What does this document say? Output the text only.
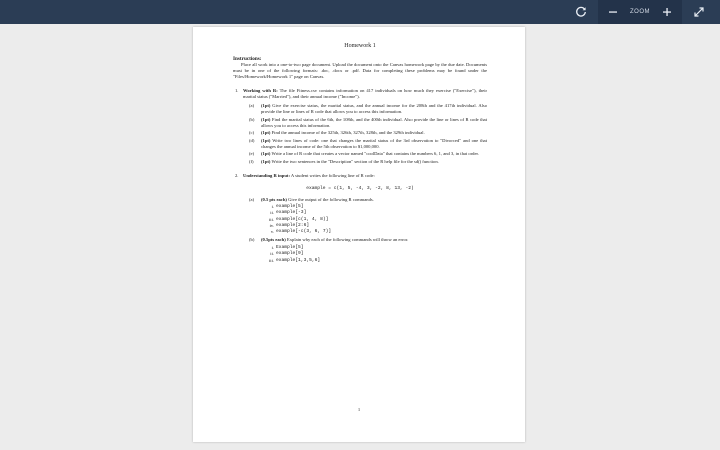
ZOOM
Homework 1
Instructions:
Place all work into a one-to-two page document. Upload the document onto the Canvas homework page by the due date. Documents must be in one of the following formats: .doc, .docx or .pdf. Data for completing these problems may be found under the "Files/Homework/Homework 1" page on Canvas.
1. Working with R: The file Fitness.csv contains information on 417 individuals on how much they exercise ("Exercise"), their marital status ("Married"), and their annual income ("Income").
(a)	(1pt) Give the exercise status, the marital status, and the annual income for the 208th and the 417th individual. Also provide the line or lines of R code that allows you to access this information.
(b)	(1pt) Find the marital status of the 6th, the 108th, and the 400th individual. Also provide the line or lines of R code that allows you to access this information.
(c)	(1pt) Find the annual income of the 325th, 326th, 327th, 328th, and the 329th individual.
(d)	(1pt) Write two lines of code: one that changes the marital status of the 3rd observation to "Divorced" and one that changes the annual income of the 5th observation to $1,000,000.
(e)	(1pt) Write a line of R code that creates a vector named "coolData" that contains the numbers 6, 1, and 3, in that order.
(f)	(1pt) Write the two sentences in the "Description" section of the R help file for the sd() function.
2. Understanding R input: A student writes the following line of R code:
example = c(1, 5, -4, 3, -2, 8, 13, -2)
(a)	(0.5 pts each) Give the output of the following R commands.
i. example[5]
ii. example[-3]
iii. example[c(1, 4, 8)]
iv. example[2:6]
v. example[-c(3, 6, 7)]
(b)	(0.5pts each) Explain why each of the following commands will throw an error.
i. Example[5]
ii. example[9]
iii. example[1,3,5,6]
1
